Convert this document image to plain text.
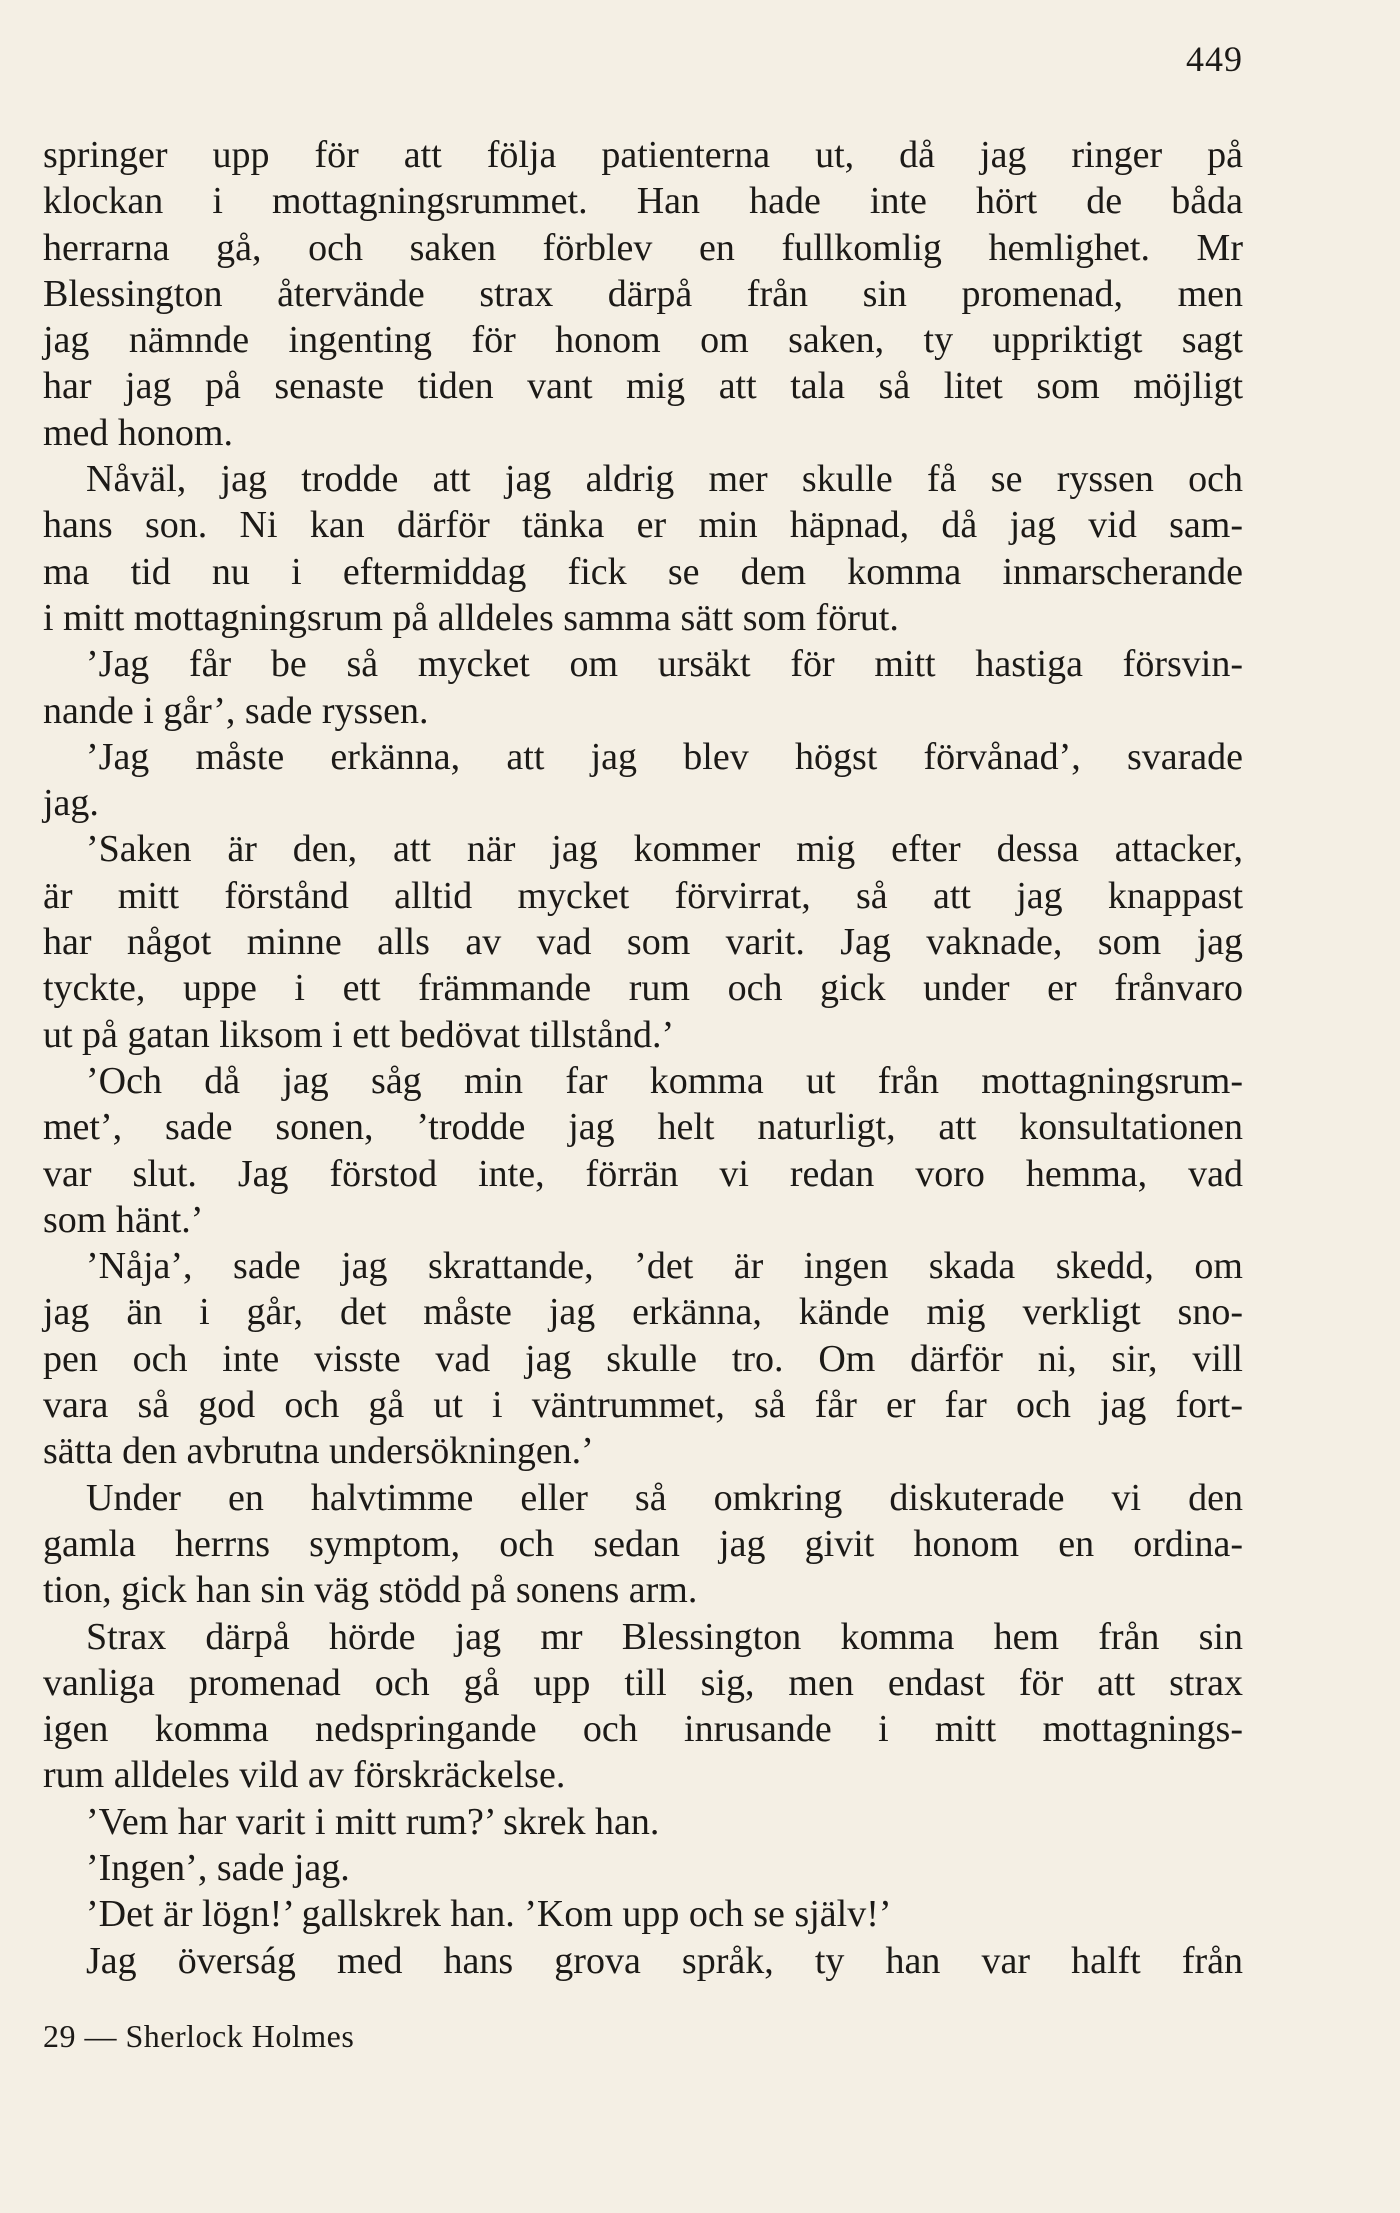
449
springer upp för att följa patienterna ut, då jag ringer på
klockan i mottagningsrummet. Han hade inte hört de båda
herrarna gå, och saken förblev en fullkomlig hemlighet. Mr
Blessington återvände strax därpå från sin promenad, men
jag nämnde ingenting för honom om saken, ty uppriktigt sagt
har jag på senaste tiden vant mig att tala så litet som möjligt
med honom.
Nåväl, jag trodde att jag aldrig mer skulle få se ryssen och
hans son. Ni kan därför tänka er min häpnad, då jag vid sam-
ma tid nu i eftermiddag fick se dem komma inmarscherande
i mitt mottagningsrum på alldeles samma sätt som förut.
’Jag får be så mycket om ursäkt för mitt hastiga försvin-
nande i går’, sade ryssen.
’Jag måste erkänna, att jag blev högst förvånad’, svarade
jag.
’Saken är den, att när jag kommer mig efter dessa attacker,
är mitt förstånd alltid mycket förvirrat, så att jag knappast
har något minne alls av vad som varit. Jag vaknade, som jag
tyckte, uppe i ett främmande rum och gick under er frånvaro
ut på gatan liksom i ett bedövat tillstånd.’
’Och då jag såg min far komma ut från mottagningsrum-
met’, sade sonen, ’trodde jag helt naturligt, att konsultationen
var slut. Jag förstod inte, förrän vi redan voro hemma, vad
som hänt.’
’Nåja’, sade jag skrattande, ’det är ingen skada skedd, om
jag än i går, det måste jag erkänna, kände mig verkligt sno-
pen och inte visste vad jag skulle tro. Om därför ni, sir, vill
vara så god och gå ut i väntrummet, så får er far och jag fort-
sätta den avbrutna undersökningen.’
Under en halvtimme eller så omkring diskuterade vi den
gamla herrns symptom, och sedan jag givit honom en ordina-
tion, gick han sin väg stödd på sonens arm.
Strax därpå hörde jag mr Blessington komma hem från sin
vanliga promenad och gå upp till sig, men endast för att strax
igen komma nedspringande och inrusande i mitt mottagnings-
rum alldeles vild av förskräckelse.
’Vem har varit i mitt rum?’ skrek han.
’Ingen’, sade jag.
’Det är lögn!’ gallskrek han. ’Kom upp och se själv!’
Jag överság med hans grova språk, ty han var halft från
29 — Sherlock Holmes
